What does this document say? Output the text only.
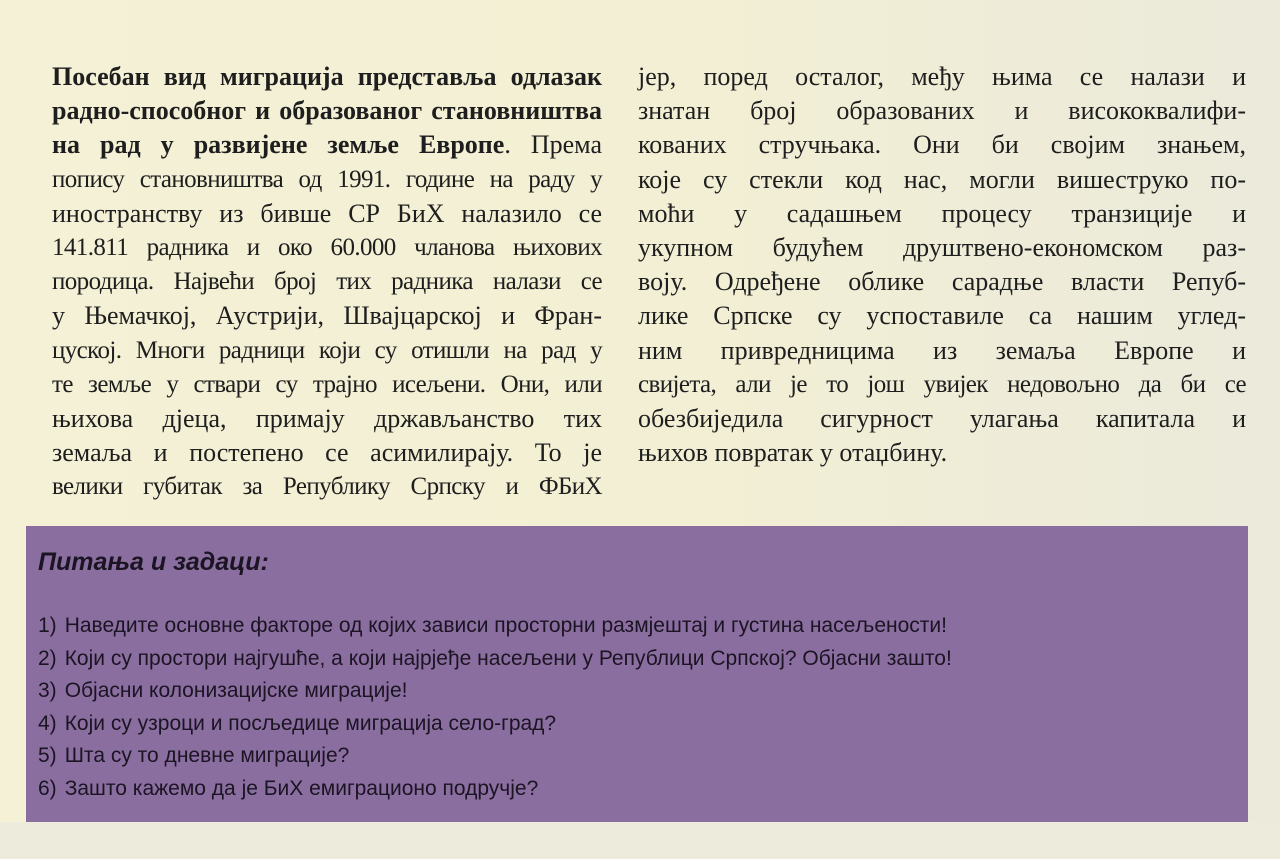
Посебан вид миграција представља одлазак
радно-способног и образованог становништва
на рад у развијене земље Европе. Према
попису становништва од 1991. године на раду у
иностранству из бивше СР БиХ налазило се
141.811 радника и око 60.000 чланова њихових
породица. Највећи број тих радника налази се
у Њемачкој, Аустрији, Швајцарској и Фран-
цуској. Многи радници који су отишли на рад у
те земље у ствари су трајно исељени. Они, или
њихова дјеца, примају држављанство тих
земаља и постепено се асимилирају. То је
велики губитак за Републику Српску и ФБиХ
јер, поред осталог, међу њима се налази и
знатан број образованих и висококвалифи-
кованих стручњака. Они би својим знањем,
које су стекли код нас, могли вишеструко по-
моћи у садашњем процесу транзиције и
укупном будућем друштвено-економском раз-
воју. Одређене облике сарадње власти Репуб-
лике Српске су успоставиле са нашим углед-
ним привредницима из земаља Европе и
свијета, али је то још увијек недовољно да би се
обезбиједила сигурност улагања капитала и
њихов повратак у отаџбину.
Питања и задаци:
1) Наведите основне факторе од којих зависи просторни размјештај и густина насељености!
2) Који су простори најгушће, а који најрјеђе насељени у Републици Српској? Објасни зашто!
3) Објасни колонизацијске миграције!
4) Који су узроци и посљедице миграција село-град?
5) Шта су то дневне миграције?
6) Зашто кажемо да је БиХ емиграционо подручје?
